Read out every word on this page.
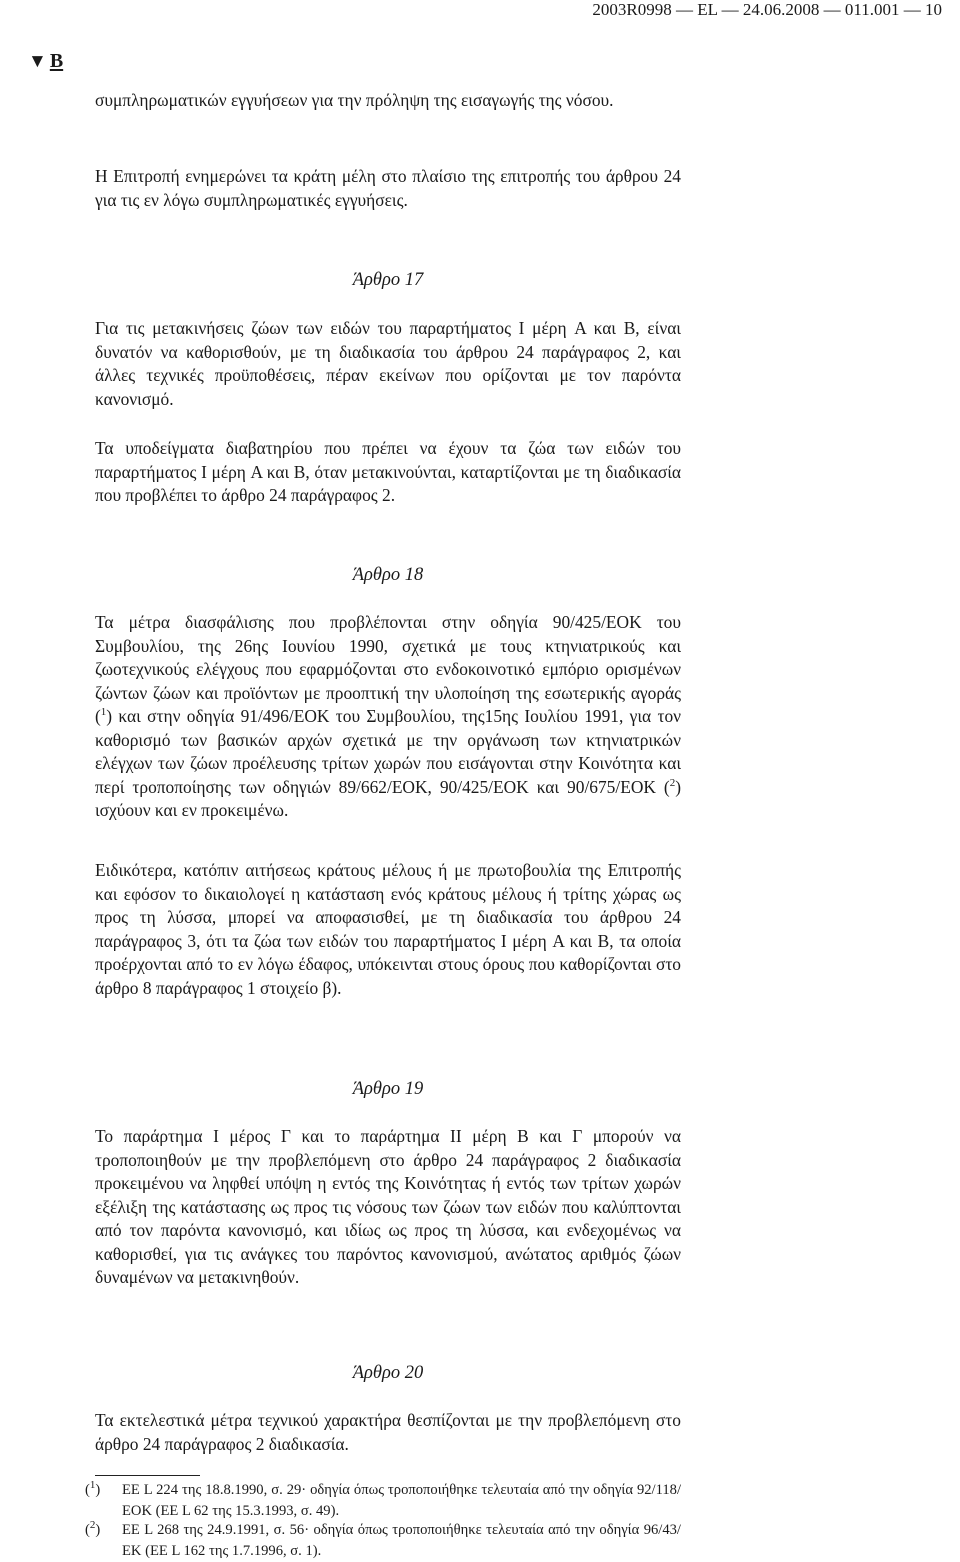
2003R0998 — EL — 24.06.2008 — 011.001 — 10
▼ B

συμπληρωματικών εγγυήσεων για την πρόληψη της εισαγωγής της νόσου.

Η Επιτροπή ενημερώνει τα κράτη μέλη στο πλαίσιο της επιτροπής του άρθρου 24 για τις εν λόγω συμπληρωματικές εγγυήσεις.

Άρθρο 17

Για τις μετακινήσεις ζώων των ειδών του παραρτήματος I μέρη A και B, είναι δυνατόν να καθορισθούν, με τη διαδικασία του άρθρου 24 παράγραφος 2, και άλλες τεχνικές προϋποθέσεις, πέραν εκείνων που ορίζονται με τον παρόντα κανονισμό.

Τα υποδείγματα διαβατηρίου που πρέπει να έχουν τα ζώα των ειδών του παραρτήματος I μέρη A και B, όταν μετακινούνται, καταρτίζονται με τη διαδικασία που προβλέπει το άρθρο 24 παράγραφος 2.

Άρθρο 18

Τα μέτρα διασφάλισης που προβλέπονται στην οδηγία 90/425/ΕΟΚ του Συμβουλίου, της 26ης Ιουνίου 1990, σχετικά με τους κτηνιατρικούς και ζωοτεχνικούς ελέγχους που εφαρμόζονται στο ενδοκοινοτικό εμπόριο ορισμένων ζώντων ζώων και προϊόντων με προοπτική την υλοποίηση της εσωτερικής αγοράς ($^1$) και στην οδηγία 91/496/ΕΟΚ του Συμβουλίου, της15ης Ιουλίου 1991, για τον καθορισμό των βασικών αρχών σχετικά με την οργάνωση των κτηνιατρικών ελέγχων των ζώων προέλευσης τρίτων χωρών που εισάγονται στην Κοινότητα και περί τροποποίησης των οδηγιών 89/662/ΕΟΚ, 90/425/ΕΟΚ και 90/675/ΕΟΚ ($^2$) ισχύουν και εν προκειμένω.

Ειδικότερα, κατόπιν αιτήσεως κράτους μέλους ή με πρωτοβουλία της Επιτροπής και εφόσον το δικαιολογεί η κατάσταση ενός κράτους μέλους ή τρίτης χώρας ως προς τη λύσσα, μπορεί να αποφασισθεί, με τη διαδικασία του άρθρου 24 παράγραφος 3, ότι τα ζώα των ειδών του παραρτήματος I μέρη A και B, τα οποία προέρχονται από το εν λόγω έδαφος, υπόκεινται στους όρους που καθορίζονται στο άρθρο 8 παράγραφος 1 στοιχείο β).

Άρθρο 19

Το παράρτημα I μέρος Γ και το παράρτημα II μέρη B και Γ μπορούν να τροποποιηθούν με την προβλεπόμενη στο άρθρο 24 παράγραφος 2 διαδικασία προκειμένου να ληφθεί υπόψη η εντός της Κοινότητας ή εντός των τρίτων χωρών εξέλιξη της κατάστασης ως προς τις νόσους των ζώων των ειδών που καλύπτονται από τον παρόντα κανονισμό, και ιδίως ως προς τη λύσσα, και ενδεχομένως να καθορισθεί, για τις ανάγκες του παρόντος κανονισμού, ανώτατος αριθμός ζώων δυναμένων να μετακινηθούν.

Άρθρο 20

Τα εκτελεστικά μέτρα τεχνικού χαρακτήρα θεσπίζονται με την προβλεπόμενη στο άρθρο 24 παράγραφος 2 διαδικασία.

($^1$) ΕΕ L 224 της 18.8.1990, σ. 29· οδηγία όπως τροποποιήθηκε τελευταία από την οδηγία 92/118/ΕΟΚ (ΕΕ L 62 της 15.3.1993, σ. 49).

($^2$) ΕΕ L 268 της 24.9.1991, σ. 56· οδηγία όπως τροποποιήθηκε τελευταία από την οδηγία 96/43/ΕΚ (ΕΕ L 162 της 1.7.1996, σ. 1).
